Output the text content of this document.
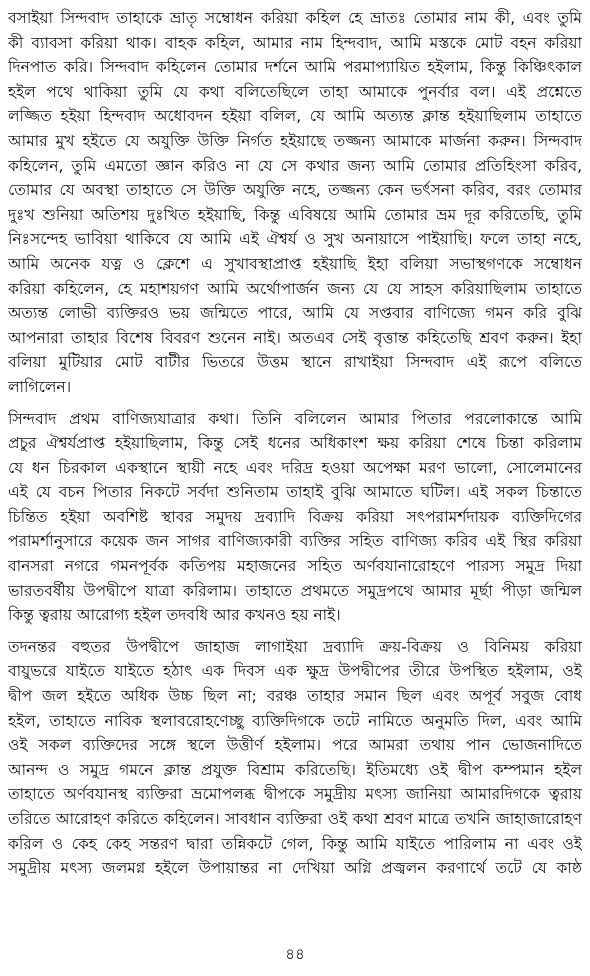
বসাইয়া সিন্দবাদ তাহাকে ভ্রাতৃ সম্বোধন করিয়া কহিল হে ভ্রাতঃ তোমার নাম কী, এবং তুমি
কী ব্যাবসা করিয়া থাক। বাহক কহিল, আমার নাম হিন্দবাদ, আমি মস্তকে মোট বহন করিয়া
দিনপাত করি। সিন্দবাদ কহিলেন তোমার দর্শনে আমি পরমাপ্যায়িত হইলাম, কিন্তু কিঞ্চিৎকাল
হইল পথে থাকিয়া তুমি যে কথা বলিতেছিলে তাহা আমাকে পুনর্বার বল। এই প্রশ্নেতে
লজ্জিত হইয়া হিন্দবাদ অধোবদন হইয়া বলিল, যে আমি অত্যন্ত ক্লান্ত হইয়াছিলাম তাহাতে
আমার মুখ হইতে যে অযুক্তি উক্তি নির্গত হইয়াছে তজ্জন্য আমাকে মার্জনা করুন। সিন্দবাদ
কহিলেন, তুমি এমতো জ্ঞান করিও না যে সে কথার জন্য আমি তোমার প্রতিহিংসা করিব,
তোমার যে অবস্থা তাহাতে সে উক্তি অযুক্তি নহে, তজ্জন্য কেন ভর্ৎসনা করিব, বরং তোমার
দুঃখ শুনিয়া অতিশয় দুঃখিত হইয়াছি, কিন্তু এবিষয়ে আমি তোমার ভ্রম দূর করিতেছি, তুমি
নিঃসন্দেহ ভাবিয়া থাকিবে যে আমি এই ঐশ্বর্য ও সুখ অনায়াসে পাইয়াছি। ফলে তাহা নহে,
আমি অনেক যত্ন ও ক্লেশে এ সুখাবস্থাপ্রাপ্ত হইয়াছি ইহা বলিয়া সভাস্থগণকে সম্বোধন
করিয়া কহিলেন, হে মহাশয়গণ আমি অর্থোপার্জন জন্য যে যে সাহস করিয়াছিলাম তাহাতে
অত্যন্ত লোভী ব্যক্তিরও ভয় জন্মিতে পারে, আমি যে সপ্তবার বাণিজ্যে গমন করি বুঝি
আপনারা তাহার বিশেষ বিবরণ শুনেন নাই। অতএব সেই বৃত্তান্ত কহিতেছি শ্রবণ করুন। ইহা
বলিয়া মুটিয়ার মোট বাটীর ভিতরে উত্তম স্থানে রাখাইয়া সিন্দবাদ এই রূপে বলিতে
লাগিলেন।
সিন্দবাদ প্রথম বাণিজ্যযাত্রার কথা। তিনি বলিলেন আমার পিতার পরলোকান্তে আমি
প্রচুর ঐশ্বর্যপ্রাপ্ত হইয়াছিলাম, কিন্তু সেই ধনের অধিকাংশ ক্ষয় করিয়া শেষে চিন্তা করিলাম
যে ধন চিরকাল একস্থানে স্থায়ী নহে এবং দরিদ্র হওয়া অপেক্ষা মরণ ভালো, সোলেমানের
এই যে বচন পিতার নিকটে সর্বদা শুনিতাম তাহাই বুঝি আমাতে ঘটিল। এই সকল চিন্তাতে
চিন্তিত হইয়া অবশিষ্ট স্থাবর সমুদয় দ্রব্যাদি বিক্রয় করিয়া সৎপরামর্শদায়ক ব্যক্তিদিগের
পরামর্শানুসারে কয়েক জন সাগর বাণিজ্যকারী ব্যক্তির সহিত বাণিজ্য করিব এই স্থির করিয়া
বানসরা নগরে গমনপূর্বক কতিপয় মহাজনের সহিত অর্ণবযানারোহণে পারস্য সমুদ্র দিয়া
ভারতবর্ষীয় উপদ্বীপে যাত্রা করিলাম। তাহাতে প্রথমতে সমুদ্রপথে আমার মূর্ছা পীড়া জন্মিল
কিন্তু ত্বরায় আরোগ্য হইল তদবধি আর কখনও হয় নাই।
তদনন্তর বহুতর উপদ্বীপে জাহাজ লাগাইয়া দ্রব্যাদি ক্রয়-বিক্রয় ও বিনিময় করিয়া
বায়ুভরে যাইতে যাইতে হঠাৎ এক দিবস এক ক্ষুদ্র উপদ্বীপের তীরে উপস্থিত হইলাম, ওই
দ্বীপ জল হইতে অধিক উচ্চ ছিল না; বরঞ্চ তাহার সমান ছিল এবং অপূর্ব সবুজ বোধ
হইল, তাহাতে নাবিক স্থলাবরোহণেচ্ছু ব্যক্তিদিগকে তটে নামিতে অনুমতি দিল, এবং আমি
ওই সকল ব্যক্তিদের সঙ্গে স্থলে উত্তীর্ণ হইলাম। পরে আমরা তথায় পান ভোজনাদিতে
আনন্দ ও সমুদ্র গমনে ক্লান্ত প্রযুক্ত বিশ্রাম করিতেছি। ইতিমধ্যে ওই দ্বীপ কম্পমান হইল
তাহাতে অর্ণবযানস্থ ব্যক্তিরা ভ্রমোপলব্ধ দ্বীপকে সমুদ্রীয় মৎস্য জানিয়া আমারদিগকে ত্বরায়
তরিতে আরোহণ করিতে কহিলেন। সাবধান ব্যক্তিরা ওই কথা শ্রবণ মাত্রে তখনি জাহাজারোহণ
করিল ও কেহ কেহ সন্তরণ দ্বারা তন্নিকটে গেল, কিন্তু আমি যাইতে পারিলাম না এবং ওই
সমুদ্রীয় মৎস্য জলমগ্ন হইলে উপায়ান্তর না দেখিয়া অগ্নি প্রজ্বলন করণার্থে তটে যে কাষ্ঠ
৪৪
